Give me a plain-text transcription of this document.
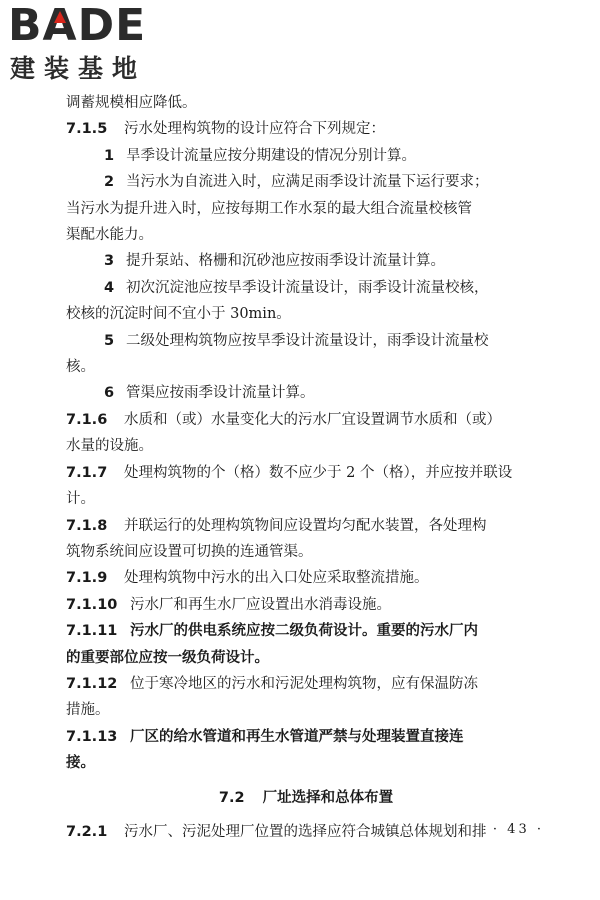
B A DE
建装基地
调蓄规模相应降低。
7.1.5 污水处理构筑物的设计应符合下列规定：
1 旱季设计流量应按分期建设的情况分别计算。
2 当污水为自流进入时，应满足雨季设计流量下运行要求；
当污水为提升进入时，应按每期工作水泵的最大组合流量校核管
渠配水能力。
3 提升泵站、格栅和沉砂池应按雨季设计流量计算。
4 初次沉淀池应按旱季设计流量设计，雨季设计流量校核，
校核的沉淀时间不宜小于 30min。
5 二级处理构筑物应按旱季设计流量设计，雨季设计流量校
核。
6 管渠应按雨季设计流量计算。
7.1.6 水质和（或）水量变化大的污水厂宜设置调节水质和（或）
水量的设施。
7.1.7 处理构筑物的个（格）数不应少于 2 个（格），并应按并联设
计。
7.1.8 并联运行的处理构筑物间应设置均匀配水装置，各处理构
筑物系统间应设置可切换的连通管渠。
7.1.9 处理构筑物中污水的出入口处应采取整流措施。
7.1.10 污水厂和再生水厂应设置出水消毒设施。
7.1.11 污水厂的供电系统应按二级负荷设计。重要的污水厂内
的重要部位应按一级负荷设计。
7.1.12 位于寒冷地区的污水和污泥处理构筑物，应有保温防冻
措施。
7.1.13 厂区的给水管道和再生水管道严禁与处理装置直接连
接。
7.2 厂址选择和总体布置
7.2.1 污水厂、污泥处理厂位置的选择应符合城镇总体规划和排 · 43 ·
